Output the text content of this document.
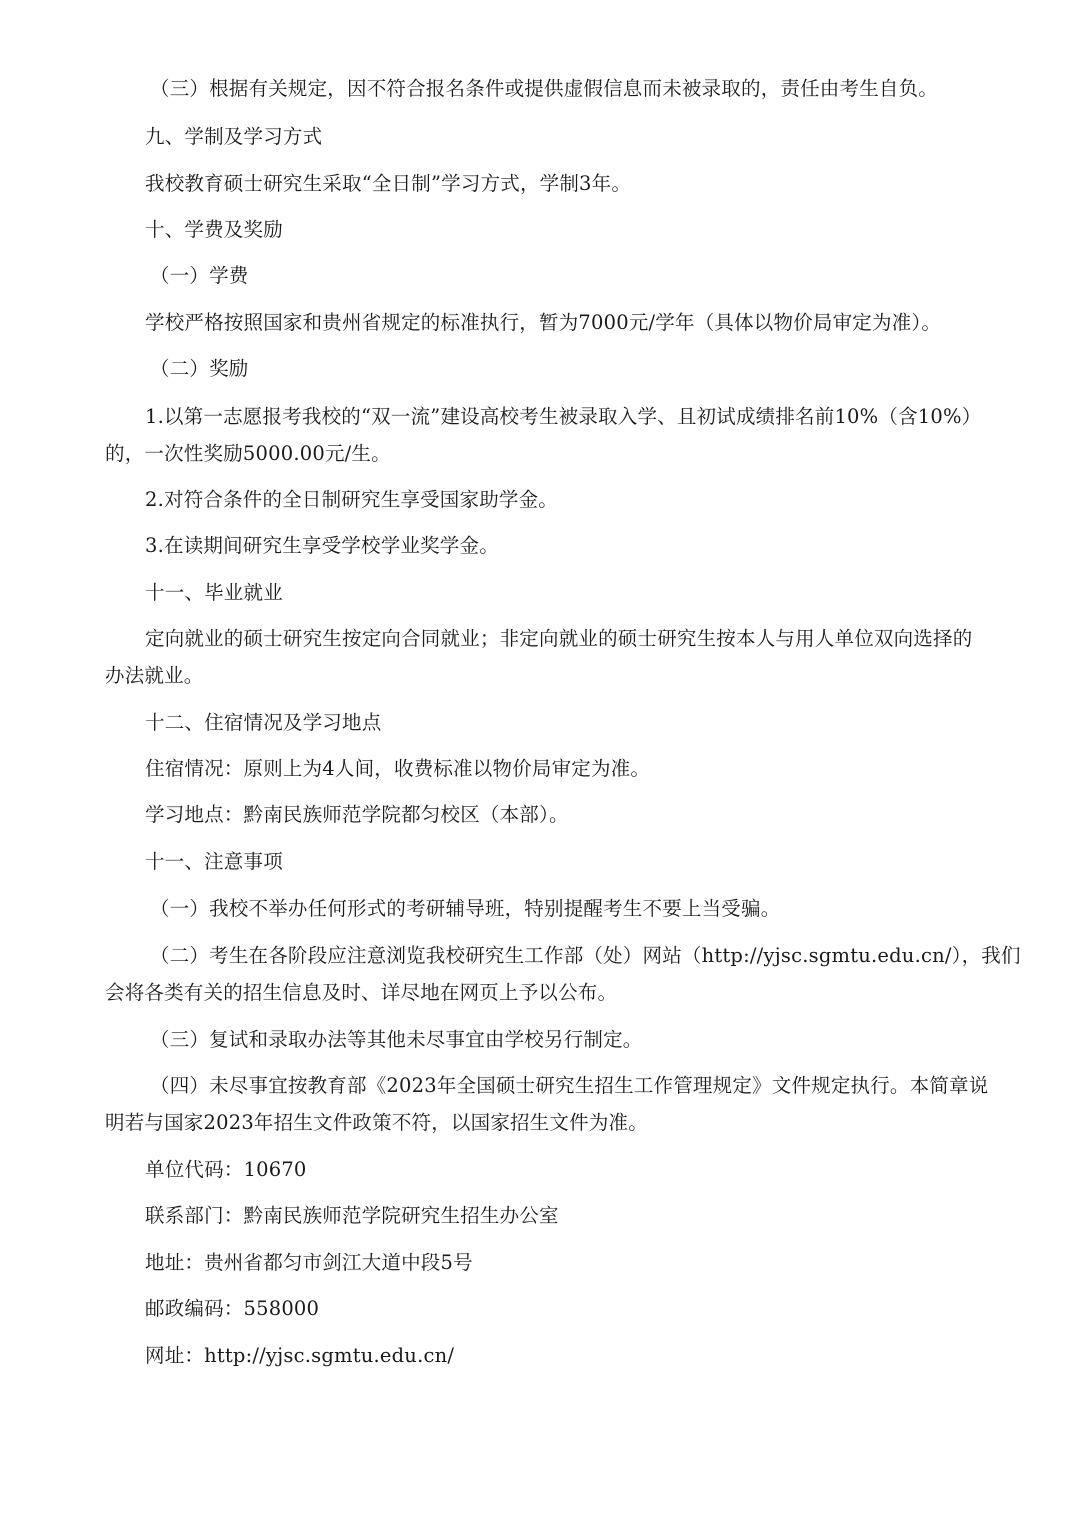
（三）根据有关规定，因不符合报名条件或提供虚假信息而未被录取的，责任由考生自负。
九、学制及学习方式
我校教育硕士研究生采取“全日制”学习方式，学制3年。
十、学费及奖励
（一）学费
学校严格按照国家和贵州省规定的标准执行，暂为7000元/学年（具体以物价局审定为准）。
（二）奖励
1.以第一志愿报考我校的“双一流”建设高校考生被录取入学、且初试成绩排名前10%（含10%）
的，一次性奖励5000.00元/生。
2.对符合条件的全日制研究生享受国家助学金。
3.在读期间研究生享受学校学业奖学金。
十一、毕业就业
定向就业的硕士研究生按定向合同就业；非定向就业的硕士研究生按本人与用人单位双向选择的
办法就业。
十二、住宿情况及学习地点
住宿情况：原则上为4人间，收费标准以物价局审定为准。
学习地点：黔南民族师范学院都匀校区（本部）。
十一、注意事项
（一）我校不举办任何形式的考研辅导班，特别提醒考生不要上当受骗。
（二）考生在各阶段应注意浏览我校研究生工作部（处）网站（http://yjsc.sgmtu.edu.cn/），我们
会将各类有关的招生信息及时、详尽地在网页上予以公布。
（三）复试和录取办法等其他未尽事宜由学校另行制定。
（四）未尽事宜按教育部《2023年全国硕士研究生招生工作管理规定》文件规定执行。本简章说
明若与国家2023年招生文件政策不符，以国家招生文件为准。
单位代码：10670
联系部门：黔南民族师范学院研究生招生办公室
地址：贵州省都匀市剑江大道中段5号
邮政编码：558000
网址：http://yjsc.sgmtu.edu.cn/
